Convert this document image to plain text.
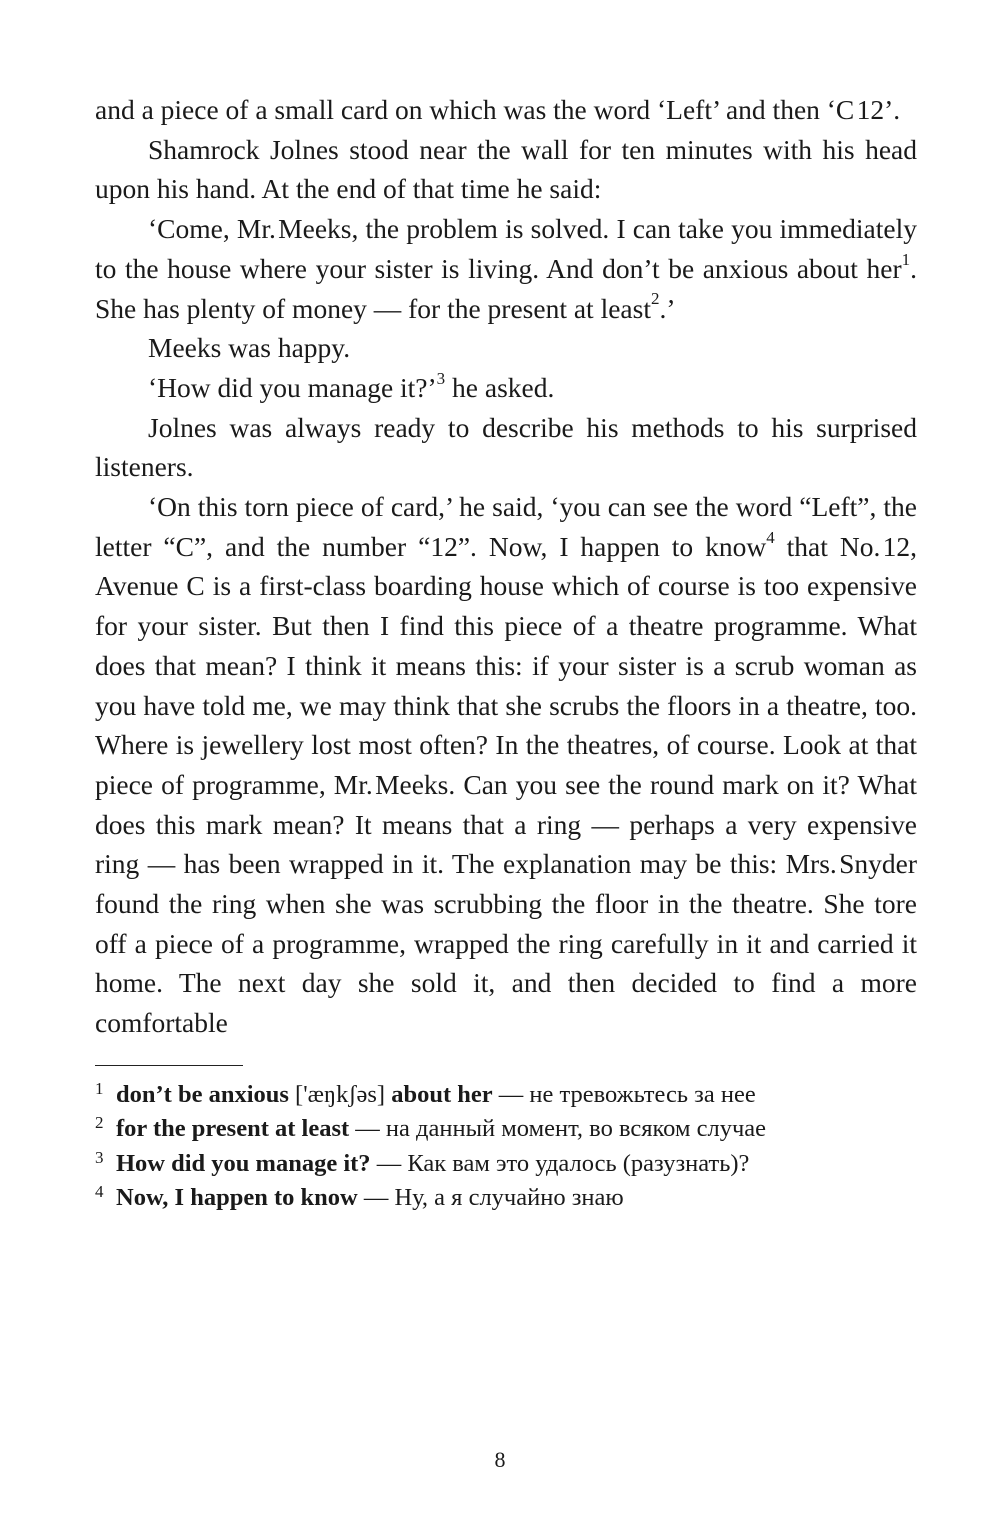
and a piece of a small card on which was the word ‘Left’ and then ‘C 12’.

Shamrock Jolnes stood near the wall for ten minutes with his head upon his hand. At the end of that time he said:

‘Come, Mr. Meeks, the problem is solved. I can take you immediately to the house where your sister is living. And don’t be anxious about her$^1$. She has plenty of money — for the present at least$^2$.’

Meeks was happy.

‘How did you manage it?’$^3$ he asked.

Jolnes was always ready to describe his methods to his surprised listeners.

‘On this torn piece of card,’ he said, ‘you can see the word “Left”, the letter “C”, and the number “12”. Now, I happen to know$^4$ that No. 12, Avenue C is a first-class boarding house which of course is too expensive for your sister. But then I find this piece of a theatre programme. What does that mean? I think it means this: if your sister is a scrub woman as you have told me, we may think that she scrubs the floors in a theatre, too. Where is jewellery lost most often? In the theatres, of course. Look at that piece of programme, Mr. Meeks. Can you see the round mark on it? What does this mark mean? It means that a ring — perhaps a very expensive ring — has been wrapped in it. The explanation may be this: Mrs. Snyder found the ring when she was scrubbing the floor in the theatre. She tore off a piece of a programme, wrapped the ring carefully in it and carried it home. The next day she sold it, and then decided to find a more comfortable

1 don’t be anxious ['æŋkʃəs] about her — не тревожьтесь за нее
2 for the present at least — на данный момент, во всяком случае
3 How did you manage it? — Как вам это удалось (разузнать)?
4 Now, I happen to know — Ну, а я случайно знаю
8
